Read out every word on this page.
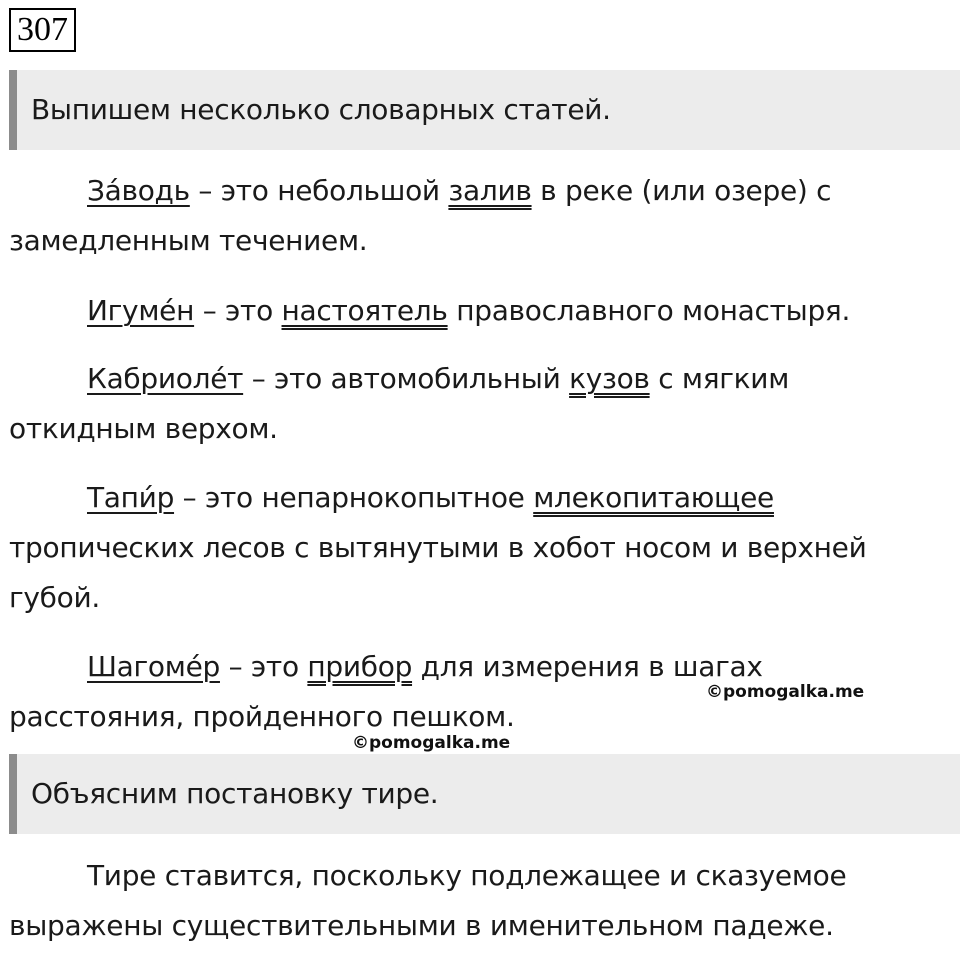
307
Выпишем несколько словарных статей.

За́водь – это небольшой залив в реке (или озере) с
замедленным течением.

Игуме́н – это настоятель православного монастыря.

Кабриоле́т – это автомобильный кузов с мягким
откидным верхом.

Тапи́р – это непарнокопытное млекопитающее
тропических лесов с вытянутыми в хобот носом и верхней
губой.

Шагоме́р – это прибор для измерения в шагах
расстояния, пройденного пешком.

©pomogalka.me
©pomogalka.me
Объясним постановку тире.

Тире ставится, поскольку подлежащее и сказуемое
выражены существительными в именительном падеже.
